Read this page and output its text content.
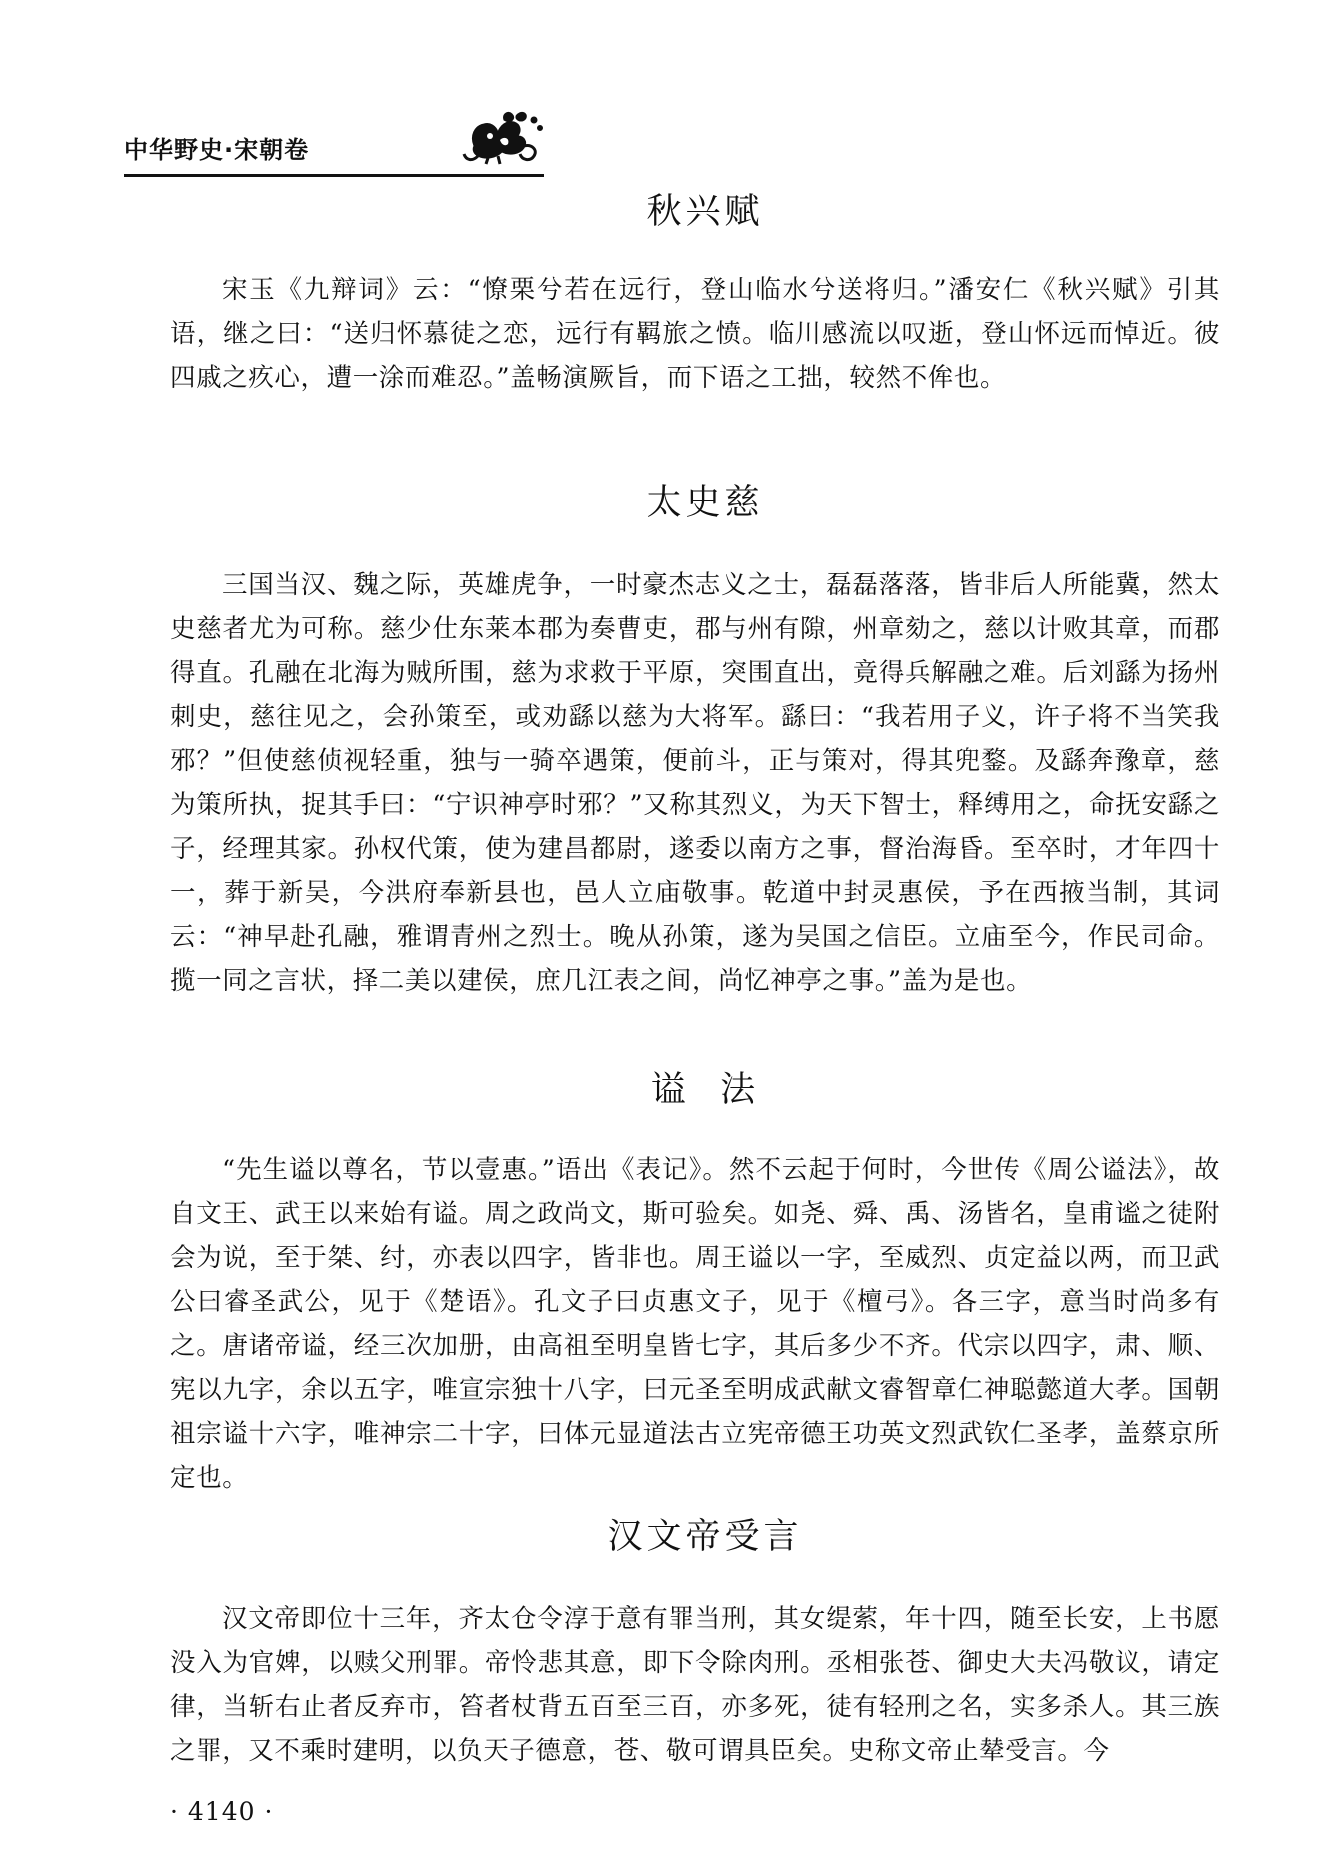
中华野史·宋朝卷
秋兴赋

宋玉《九辩词》云：“憭栗兮若在远行，登山临水兮送将归。”潘安仁《秋兴赋》引其语，继之曰：“送归怀慕徒之恋，远行有羁旅之愤。临川感流以叹逝，登山怀远而悼近。彼四戚之疚心，遭一涂而难忍。”盖畅演厥旨，而下语之工拙，较然不侔也。

太史慈

三国当汉、魏之际，英雄虎争，一时豪杰志义之士，磊磊落落，皆非后人所能冀，然太史慈者尤为可称。慈少仕东莱本郡为奏曹吏，郡与州有隙，州章劾之，慈以计败其章，而郡得直。孔融在北海为贼所围，慈为求救于平原，突围直出，竟得兵解融之难。后刘繇为扬州刺史，慈往见之，会孙策至，或劝繇以慈为大将军。繇曰：“我若用子义，许子将不当笑我邪？”但使慈侦视轻重，独与一骑卒遇策，便前斗，正与策对，得其兜鍪。及繇奔豫章，慈为策所执，捉其手曰：“宁识神亭时邪？”又称其烈义，为天下智士，释缚用之，命抚安繇之子，经理其家。孙权代策，使为建昌都尉，遂委以南方之事，督治海昏。至卒时，才年四十一，葬于新吴，今洪府奉新县也，邑人立庙敬事。乾道中封灵惠侯，予在西掖当制，其词云：“神早赴孔融，雅谓青州之烈士。晚从孙策，遂为吴国之信臣。立庙至今，作民司命。揽一同之言状，择二美以建侯，庶几江表之间，尚忆神亭之事。”盖为是也。

谥  法

“先生谥以尊名，节以壹惠。”语出《表记》。然不云起于何时，今世传《周公谥法》，故自文王、武王以来始有谥。周之政尚文，斯可验矣。如尧、舜、禹、汤皆名，皇甫谧之徒附会为说，至于桀、纣，亦表以四字，皆非也。周王谥以一字，至威烈、贞定益以两，而卫武公曰睿圣武公，见于《楚语》。孔文子曰贞惠文子，见于《檀弓》。各三字，意当时尚多有之。唐诸帝谥，经三次加册，由高祖至明皇皆七字，其后多少不齐。代宗以四字，肃、顺、宪以九字，余以五字，唯宣宗独十八字，曰元圣至明成武献文睿智章仁神聪懿道大孝。国朝祖宗谥十六字，唯神宗二十字，曰体元显道法古立宪帝德王功英文烈武钦仁圣孝，盖蔡京所定也。

汉文帝受言

汉文帝即位十三年，齐太仓令淳于意有罪当刑，其女缇萦，年十四，随至长安，上书愿没入为官婢，以赎父刑罪。帝怜悲其意，即下令除肉刑。丞相张苍、御史大夫冯敬议，请定律，当斩右止者反弃市，笞者杖背五百至三百，亦多死，徒有轻刑之名，实多杀人。其三族之罪，又不乘时建明，以负天子德意，苍、敬可谓具臣矣。史称文帝止辇受言。今

· 4140 ·
